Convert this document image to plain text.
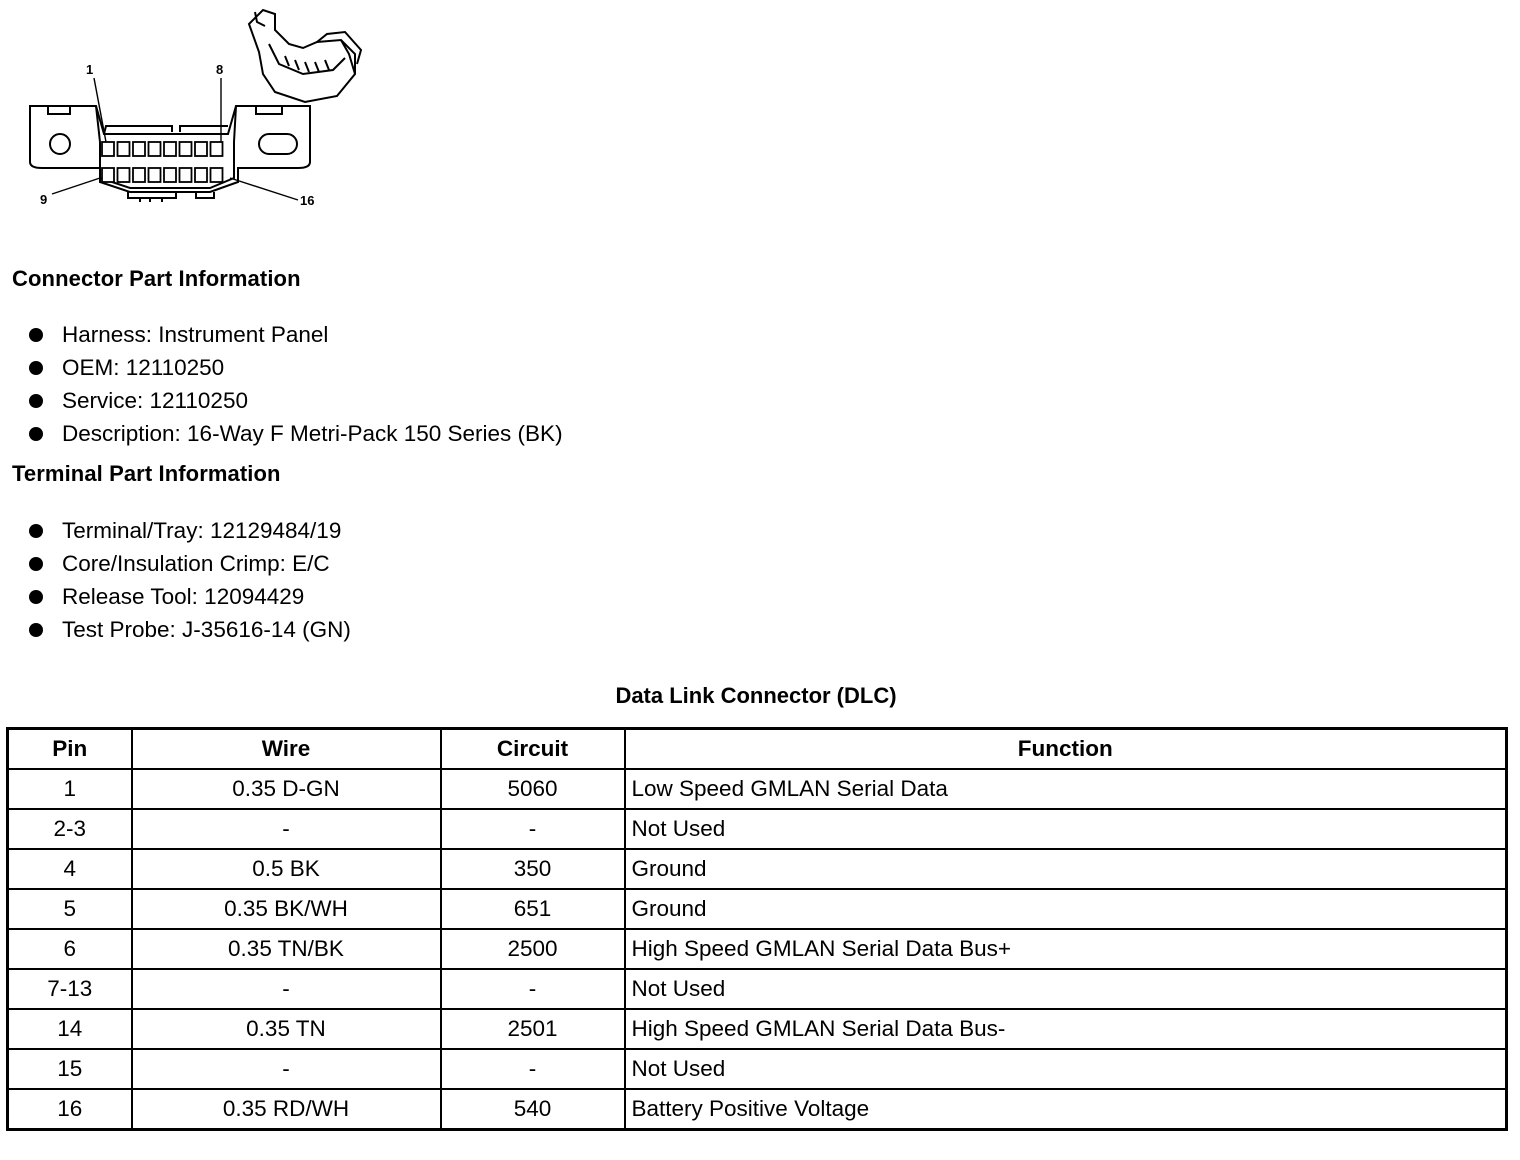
1	8
9	16
Connector Part Information
Harness: Instrument Panel
OEM: 12110250
Service: 12110250
Description: 16-Way F Metri-Pack 150 Series (BK)
Terminal Part Information
Terminal/Tray: 12129484/19
Core/Insulation Crimp: E/C
Release Tool: 12094429
Test Probe: J-35616-14 (GN)
Data Link Connector (DLC)
Pin	Wire	Circuit	Function
1	0.35 D-GN	5060	Low Speed GMLAN Serial Data
2-3	-	-	Not Used
4	0.5 BK	350	Ground
5	0.35 BK/WH	651	Ground
6	0.35 TN/BK	2500	High Speed GMLAN Serial Data Bus+
7-13	-	-	Not Used
14	0.35 TN	2501	High Speed GMLAN Serial Data Bus-
15	-	-	Not Used
16	0.35 RD/WH	540	Battery Positive Voltage
